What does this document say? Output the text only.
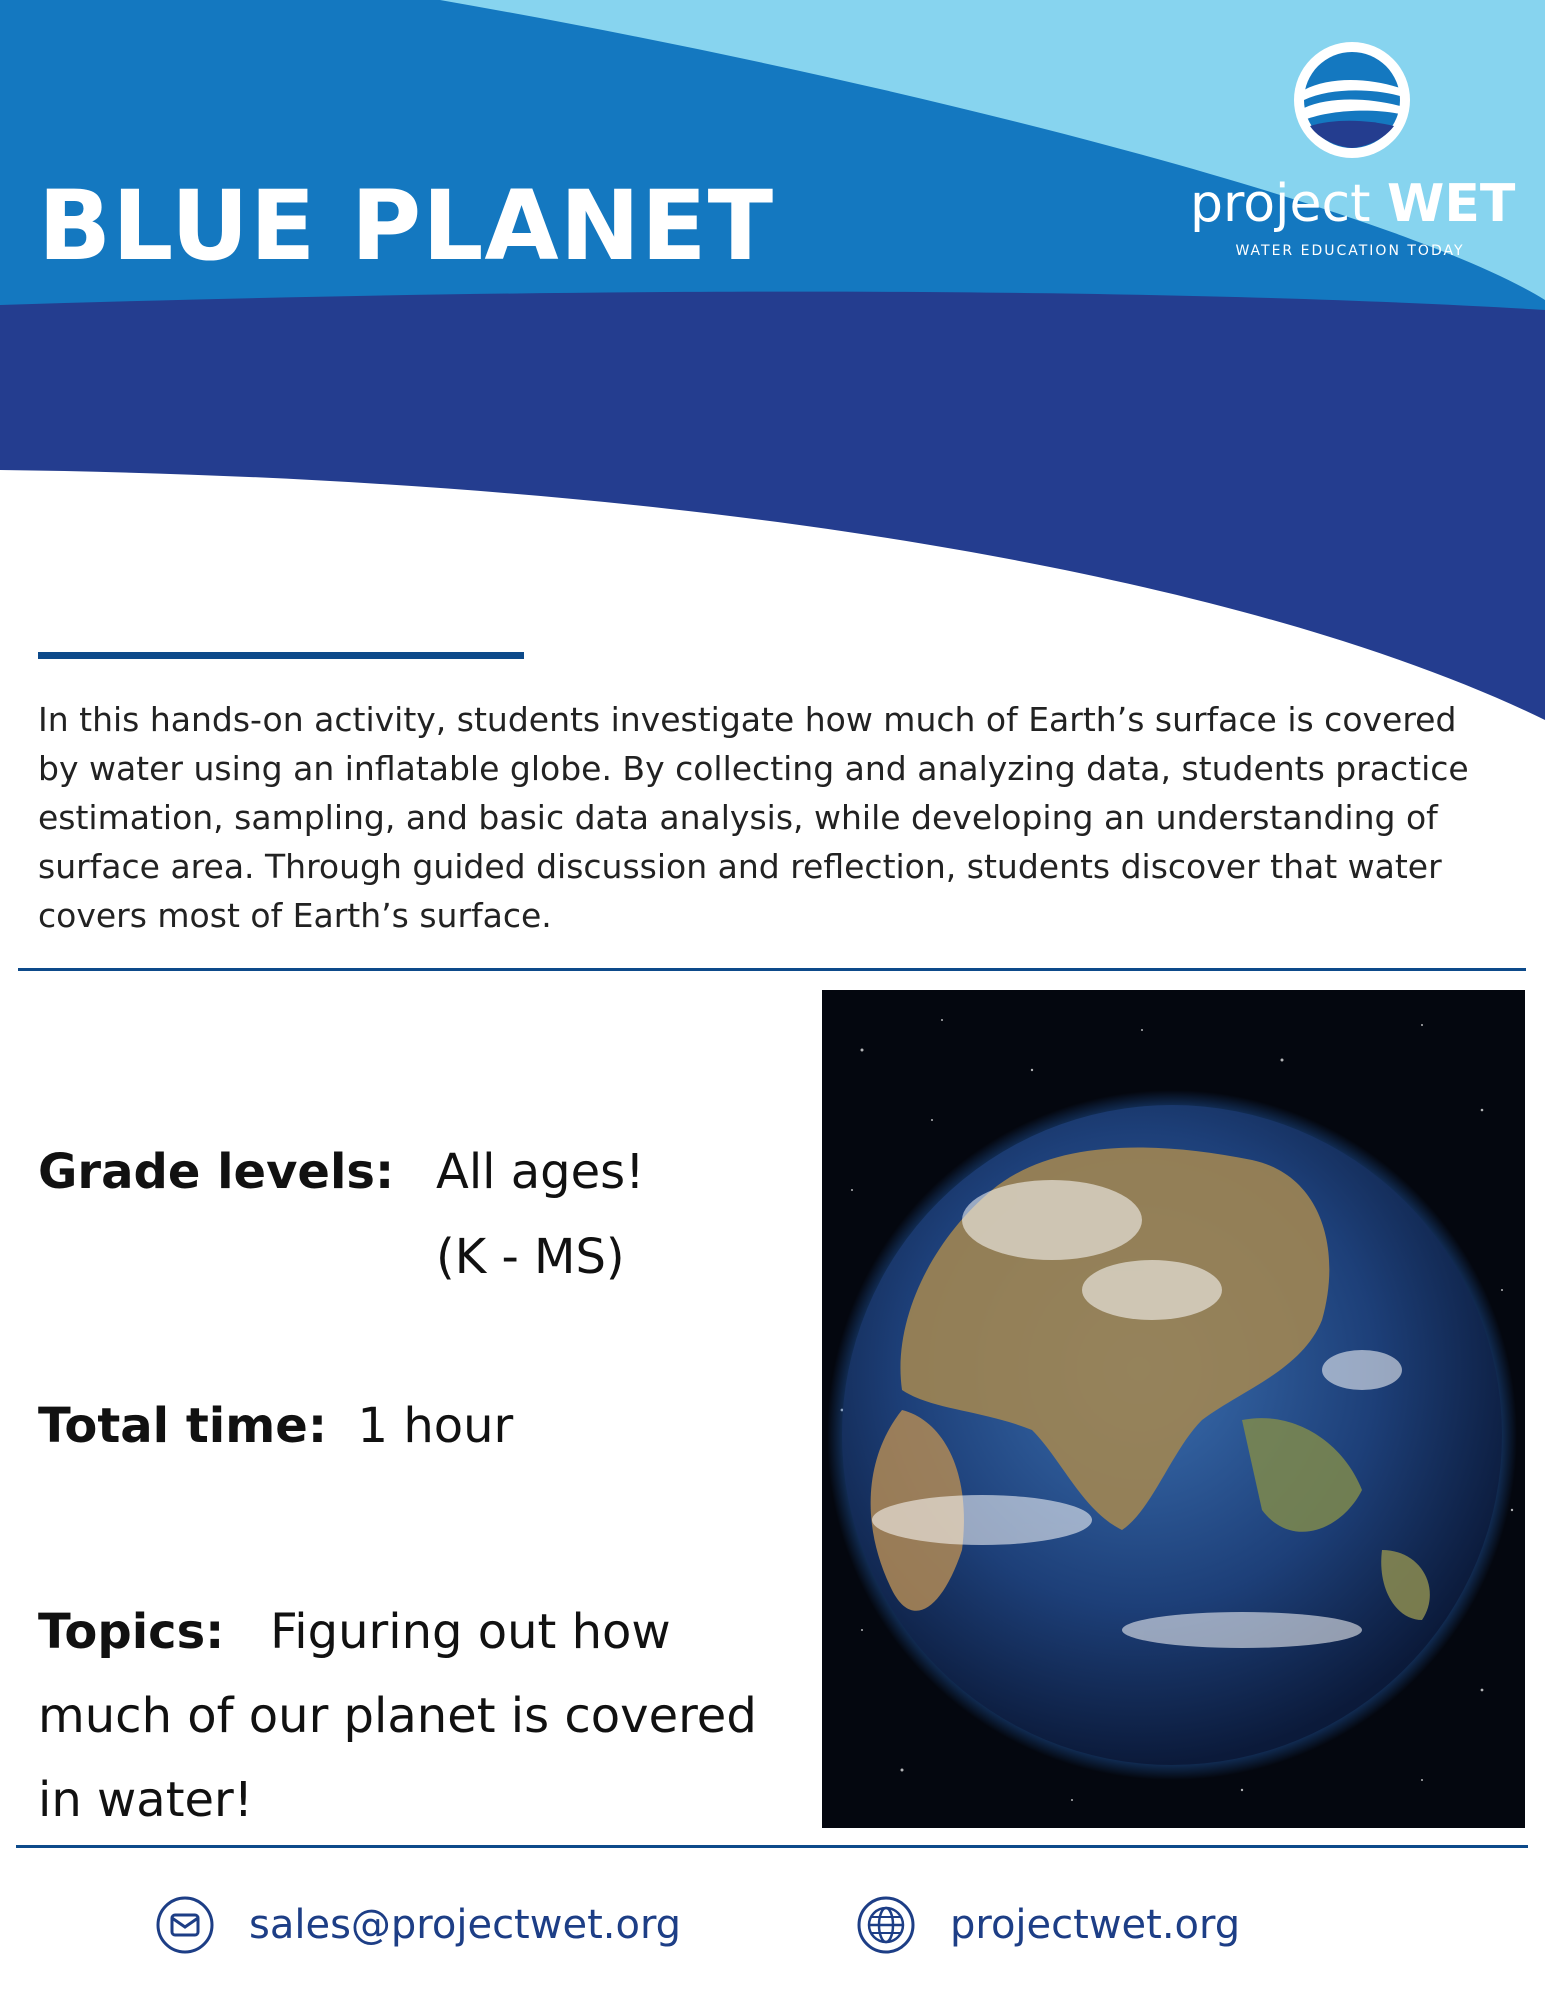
BLUE PLANET	project WET
WATER EDUCATION TODAY

In this hands-on activity, students investigate how much of Earth’s surface is covered by water using an inflatable globe. By collecting and analyzing data, students practice estimation, sampling, and basic data analysis, while developing an understanding of surface area. Through guided discussion and reflection, students discover that water covers most of Earth’s surface.

Grade levels: All ages!
(K - MS)
Total time: 1 hour
Topics: Figuring out how much of our planet is covered in water!
sales@projectwet.org	projectwet.org
